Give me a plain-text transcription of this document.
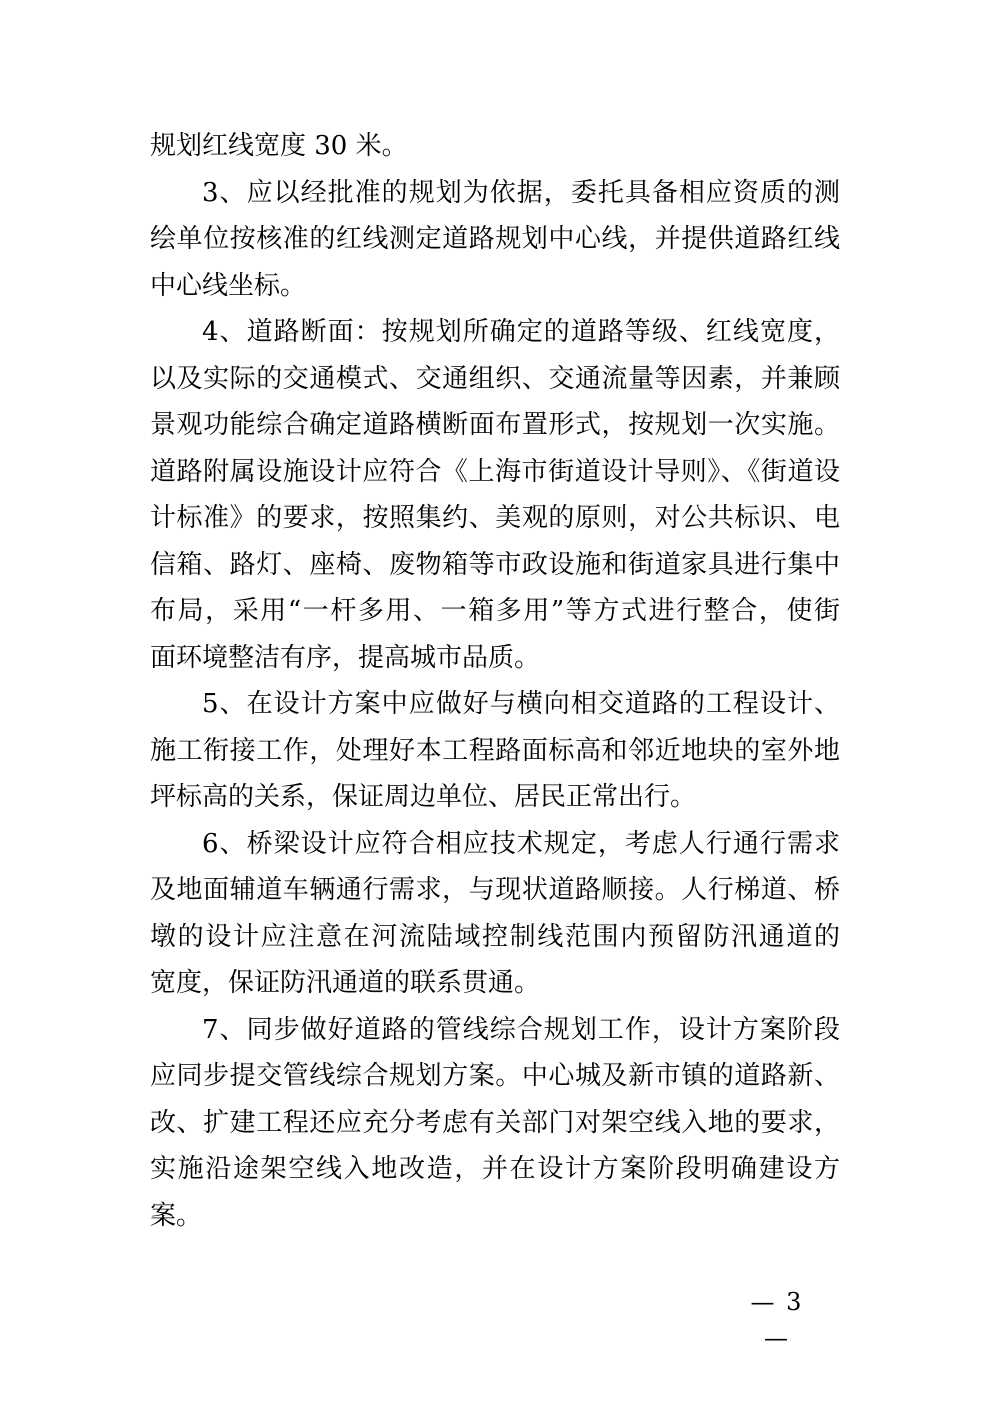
规划红线宽度 30 米。
3、应以经批准的规划为依据，委托具备相应资质的测
绘单位按核准的红线测定道路规划中心线，并提供道路红线
中心线坐标。
4、道路断面：按规划所确定的道路等级、红线宽度，
以及实际的交通模式、交通组织、交通流量等因素，并兼顾
景观功能综合确定道路横断面布置形式，按规划一次实施。
道路附属设施设计应符合《上海市街道设计导则》、《街道设
计标准》的要求，按照集约、美观的原则，对公共标识、电
信箱、路灯、座椅、废物箱等市政设施和街道家具进行集中
布局，采用“一杆多用、一箱多用”等方式进行整合，使街
面环境整洁有序，提高城市品质。
5、在设计方案中应做好与横向相交道路的工程设计、
施工衔接工作，处理好本工程路面标高和邻近地块的室外地
坪标高的关系，保证周边单位、居民正常出行。
6、桥梁设计应符合相应技术规定，考虑人行通行需求
及地面辅道车辆通行需求，与现状道路顺接。人行梯道、桥
墩的设计应注意在河流陆域控制线范围内预留防汛通道的
宽度，保证防汛通道的联系贯通。
7、同步做好道路的管线综合规划工作，设计方案阶段
应同步提交管线综合规划方案。中心城及新市镇的道路新、
改、扩建工程还应充分考虑有关部门对架空线入地的要求，
实施沿途架空线入地改造，并在设计方案阶段明确建设方
案。
— 3 —
